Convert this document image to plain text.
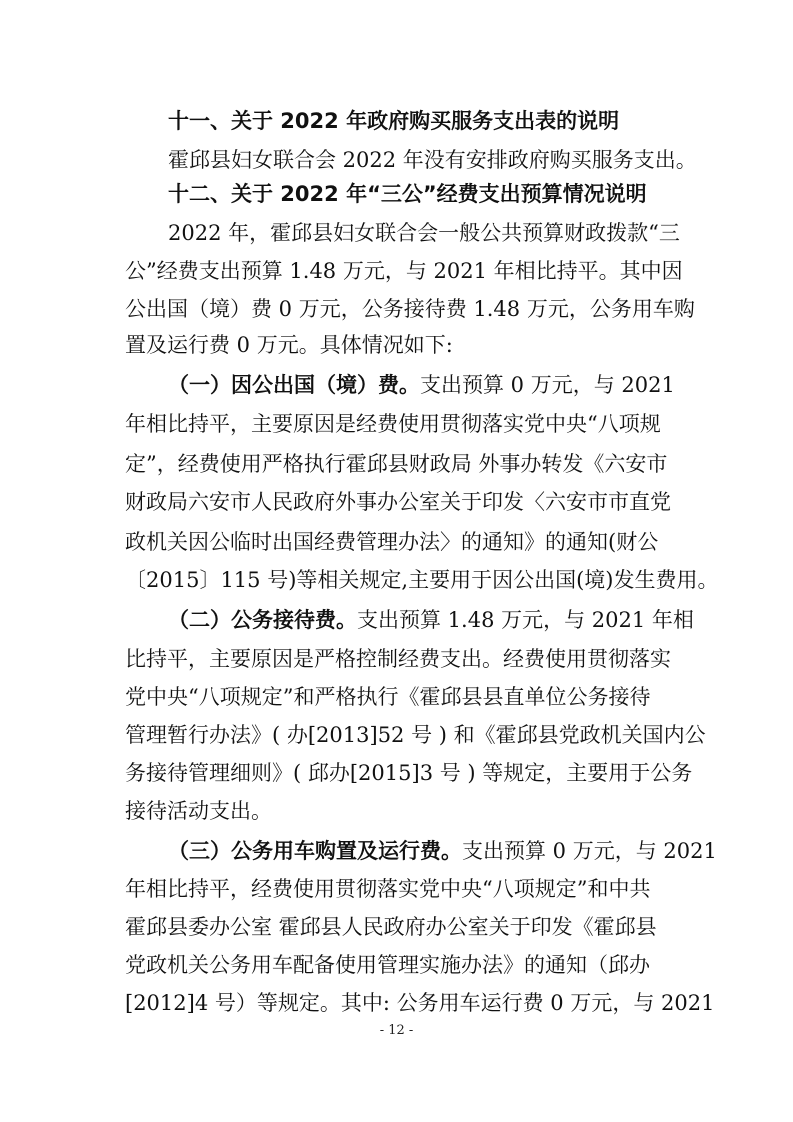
十一、关于 2022 年政府购买服务支出表的说明
霍邱县妇女联合会 2022 年没有安排政府购买服务支出。
十二、关于 2022 年“三公”经费支出预算情况说明
2022 年，霍邱县妇女联合会一般公共预算财政拨款“三
公”经费支出预算 1.48 万元，与 2021 年相比持平。其中因
公出国（境）费 0 万元，公务接待费 1.48 万元，公务用车购
置及运行费 0 万元。具体情况如下:
（一）因公出国（境）费。支出预算 0 万元，与 2021
年相比持平，主要原因是经费使用贯彻落实党中央“八项规
定”，经费使用严格执行霍邱县财政局 外事办转发《六安市
财政局六安市人民政府外事办公室关于印发〈六安市市直党
政机关因公临时出国经费管理办法〉的通知》的通知(财公
〔2015〕115 号)等相关规定,主要用于因公出国(境)发生费用。
（二）公务接待费。支出预算 1.48 万元，与 2021 年相
比持平，主要原因是严格控制经费支出。经费使用贯彻落实
党中央“八项规定”和严格执行《霍邱县县直单位公务接待
管理暂行办法》( 办[2013]52 号 ) 和《霍邱县党政机关国内公
务接待管理细则》( 邱办[2015]3 号 ) 等规定，主要用于公务
接待活动支出。
（三）公务用车购置及运行费。支出预算 0 万元，与 2021
年相比持平，经费使用贯彻落实党中央“八项规定”和中共
霍邱县委办公室 霍邱县人民政府办公室关于印发《霍邱县
党政机关公务用车配备使用管理实施办法》的通知（邱办
[2012]4 号）等规定。其中: 公务用车运行费 0 万元，与 2021
- 12 -
